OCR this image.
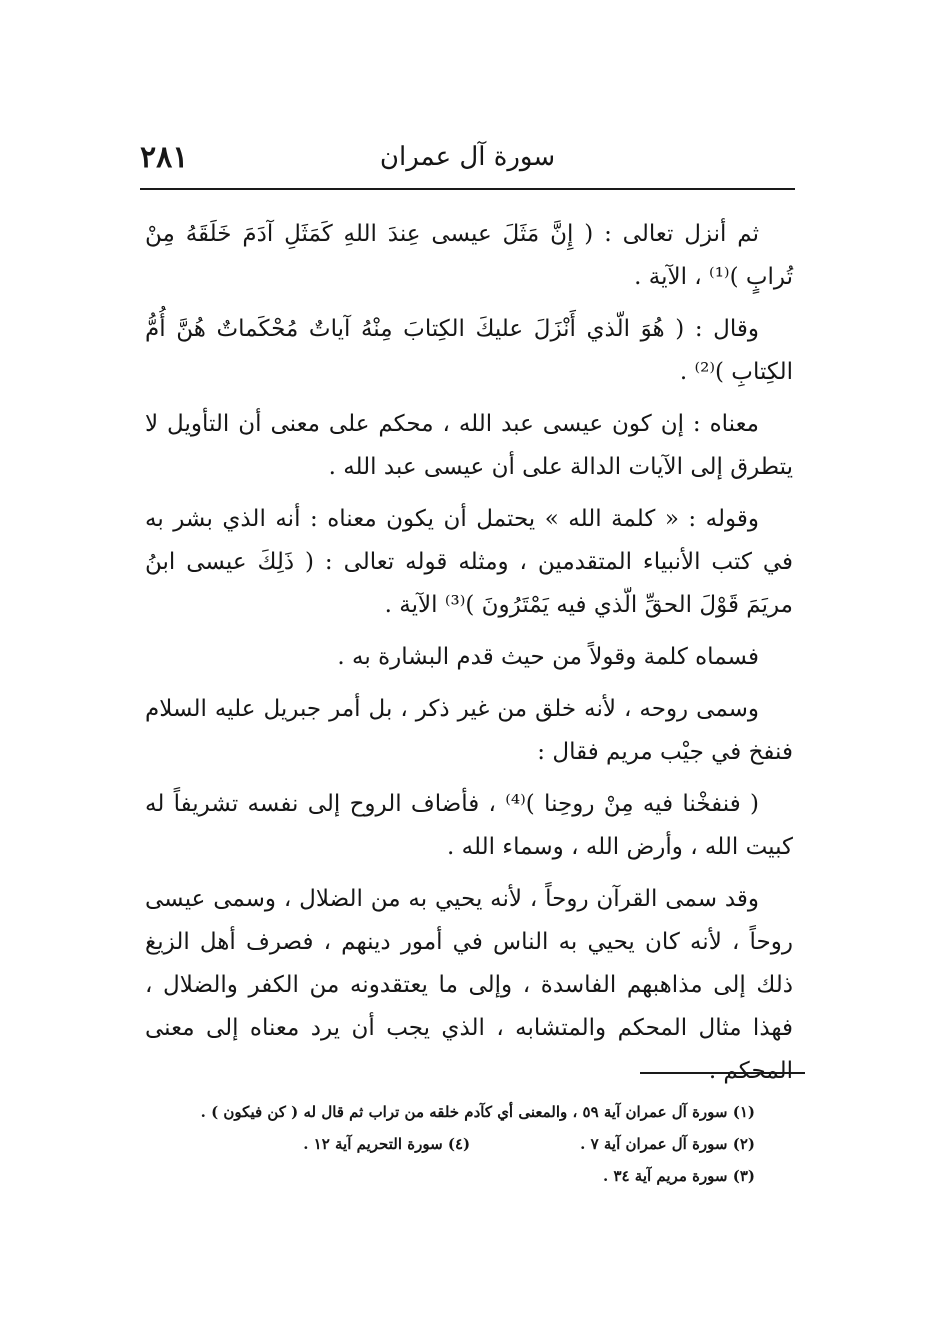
٢٨١	سورة آل عمران

ثم أنزل تعالى : ( إِنَّ مَثَلَ عيسى عِندَ اللهِ كَمَثَلِ آدَمَ خَلَقَهُ مِنْ تُرابٍ )⁽¹⁾ ، الآية .

وقال : ( هُوَ الّذي أَنْزَلَ عليكَ الكِتابَ مِنْهُ آياتٌ مُحْكَماتٌ هُنَّ أُمُّ الكِتابِ )⁽²⁾ .

معناه : إن كون عيسى عبد الله ، محكم على معنى أن التأويل لا يتطرق إلى الآيات الدالة على أن عيسى عبد الله .

وقوله : « كلمة الله » يحتمل أن يكون معناه : أنه الذي بشر به في كتب الأنبياء المتقدمين ، ومثله قوله تعالى : ( ذَلِكَ عيسى ابنُ مريَمَ قَوْلَ الحقِّ الّذي فيه يَمْتَرُونَ )⁽³⁾ الآية .

فسماه كلمة وقولاً من حيث قدم البشارة به .

وسمى روحه ، لأنه خلق من غير ذكر ، بل أمر جبريل عليه السلام فنفخ في جيْب مريم فقال :

( فنفخْنا فيه مِنْ روحِنا )⁽⁴⁾ ، فأضاف الروح إلى نفسه تشريفاً له كبيت الله ، وأرض الله ، وسماء الله .

وقد سمى القرآن روحاً ، لأنه يحيي به من الضلال ، وسمى عيسى روحاً ، لأنه كان يحيي به الناس في أمور دينهم ، فصرف أهل الزيغ ذلك إلى مذاهبهم الفاسدة ، وإلى ما يعتقدونه من الكفر والضلال ، فهذا مثال المحكم والمتشابه ، الذي يجب أن يرد معناه إلى معنى المحكم .

(١) سورة آل عمران آية ٥٩ ، والمعنى أي كآدم خلقه من تراب ثم قال له ( كن فيكون ) .
(٢) سورة آل عمران آية ٧ .
(٤) سورة التحريم آية ١٢ .
(٣) سورة مريم آية ٣٤ .
